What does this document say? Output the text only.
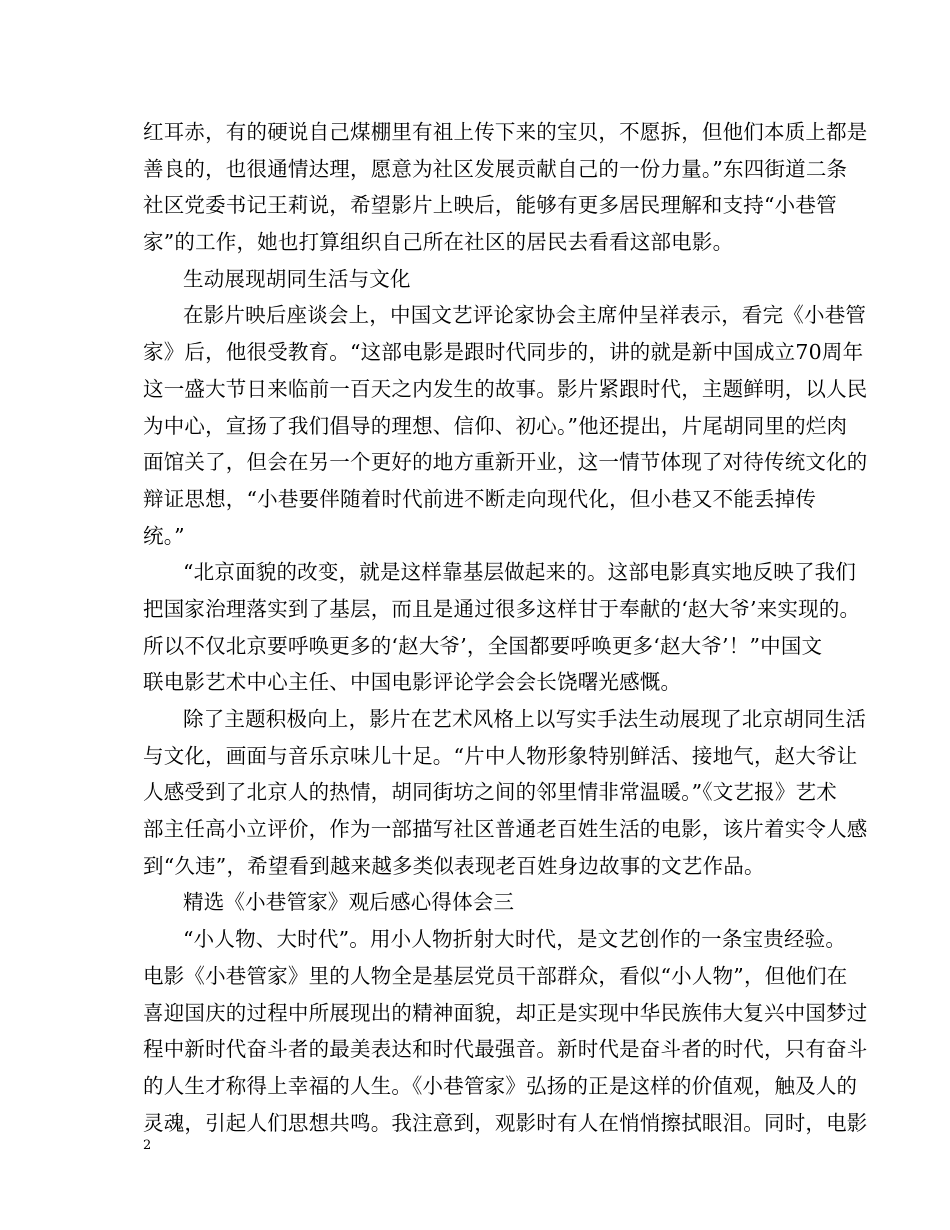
红耳赤，有的硬说自己煤棚里有祖上传下来的宝贝，不愿拆，但他们本质上都是
善良的，也很通情达理，愿意为社区发展贡献自己的一份力量。”东四街道二条
社区党委书记王莉说，希望影片上映后，能够有更多居民理解和支持“小巷管
家”的工作，她也打算组织自己所在社区的居民去看看这部电影。
生动展现胡同生活与文化
在影片映后座谈会上，中国文艺评论家协会主席仲呈祥表示，看完《小巷管
家》后，他很受教育。“这部电影是跟时代同步的，讲的就是新中国成立70周年
这一盛大节日来临前一百天之内发生的故事。影片紧跟时代，主题鲜明，以人民
为中心，宣扬了我们倡导的理想、信仰、初心。”他还提出，片尾胡同里的烂肉
面馆关了，但会在另一个更好的地方重新开业，这一情节体现了对待传统文化的
辩证思想，“小巷要伴随着时代前进不断走向现代化，但小巷又不能丢掉传
统。”
“北京面貌的改变，就是这样靠基层做起来的。这部电影真实地反映了我们
把国家治理落实到了基层，而且是通过很多这样甘于奉献的‘赵大爷’来实现的。
所以不仅北京要呼唤更多的‘赵大爷’，全国都要呼唤更多‘赵大爷’！”中国文
联电影艺术中心主任、中国电影评论学会会长饶曙光感慨。
除了主题积极向上，影片在艺术风格上以写实手法生动展现了北京胡同生活
与文化，画面与音乐京味儿十足。“片中人物形象特别鲜活、接地气，赵大爷让
人感受到了北京人的热情，胡同街坊之间的邻里情非常温暖。”《文艺报》艺术
部主任高小立评价，作为一部描写社区普通老百姓生活的电影，该片着实令人感
到“久违”，希望看到越来越多类似表现老百姓身边故事的文艺作品。
精选《小巷管家》观后感心得体会三
“小人物、大时代”。用小人物折射大时代，是文艺创作的一条宝贵经验。
电影《小巷管家》里的人物全是基层党员干部群众，看似“小人物”，但他们在
喜迎国庆的过程中所展现出的精神面貌，却正是实现中华民族伟大复兴中国梦过
程中新时代奋斗者的最美表达和时代最强音。新时代是奋斗者的时代，只有奋斗
的人生才称得上幸福的人生。《小巷管家》弘扬的正是这样的价值观，触及人的
灵魂，引起人们思想共鸣。我注意到，观影时有人在悄悄擦拭眼泪。同时，电影
2
